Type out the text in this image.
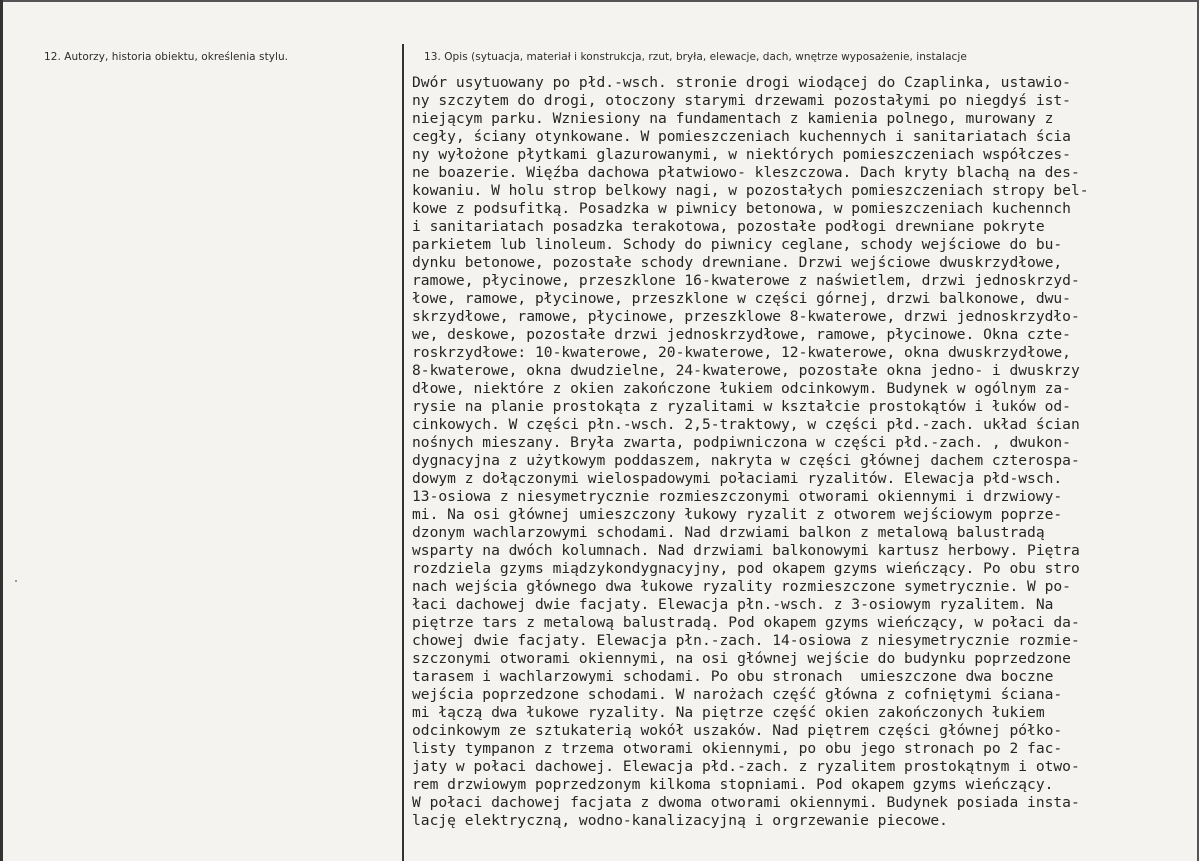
12. Autorzy, historia obiektu, określenia stylu.	13. Opis (sytuacja, materiał i konstrukcja, rzut, bryła, elewacje, dach, wnętrze wyposażenie, instalacje
Dwór usytuowany po płd.-wsch. stronie drogi wiodącej do Czaplinka, ustawio-
ny szczytem do drogi, otoczony starymi drzewami pozostałymi po niegdyś ist-
niejącym parku. Wzniesiony na fundamentach z kamienia polnego, murowany z
cegły, ściany otynkowane. W pomieszczeniach kuchennych i sanitariatach ścia
ny wyłożone płytkami glazurowanymi, w niektórych pomieszczeniach współczes-
ne boazerie. Więźba dachowa płatwiowo- kleszczowa. Dach kryty blachą na des-
kowaniu. W holu strop belkowy nagi, w pozostałych pomieszczeniach stropy bel-
kowe z podsufitką. Posadzka w piwnicy betonowa, w pomieszczeniach kuchennch
i sanitariatach posadzka terakotowa, pozostałe podłogi drewniane pokryte
parkietem lub linoleum. Schody do piwnicy ceglane, schody wejściowe do bu-
dynku betonowe, pozostałe schody drewniane. Drzwi wejściowe dwuskrzydłowe,
ramowe, płycinowe, przeszklone 16-kwaterowe z naświetlem, drzwi jednoskrzyd-
łowe, ramowe, płycinowe, przeszklone w części górnej, drzwi balkonowe, dwu-
skrzydłowe, ramowe, płycinowe, przeszklowe 8-kwaterowe, drzwi jednoskrzydło-
we, deskowe, pozostałe drzwi jednoskrzydłowe, ramowe, płycinowe. Okna czte-
roskrzydłowe: 10-kwaterowe, 20-kwaterowe, 12-kwaterowe, okna dwuskrzydłowe,
8-kwaterowe, okna dwudzielne, 24-kwaterowe, pozostałe okna jedno- i dwuskrzy
dłowe, niektóre z okien zakończone łukiem odcinkowym. Budynek w ogólnym za-
rysie na planie prostokąta z ryzalitami w kształcie prostokątów i łuków od-
cinkowych. W części płn.-wsch. 2,5-traktowy, w części płd.-zach. układ ścian
nośnych mieszany. Bryła zwarta, podpiwniczona w części płd.-zach. , dwukon-
dygnacyjna z użytkowym poddaszem, nakryta w części głównej dachem czterospa-
dowym z dołączonymi wielospadowymi połaciami ryzalitów. Elewacja płd-wsch.
13-osiowa z niesymetrycznie rozmieszczonymi otworami okiennymi i drzwiowy-
mi. Na osi głównej umieszczony łukowy ryzalit z otworem wejściowym poprze-
dzonym wachlarzowymi schodami. Nad drzwiami balkon z metalową balustradą
wsparty na dwóch kolumnach. Nad drzwiami balkonowymi kartusz herbowy. Piętra
rozdziela gzyms miądzykondygnacyjny, pod okapem gzyms wieńczący. Po obu stro
nach wejścia głównego dwa łukowe ryzality rozmieszczone symetrycznie. W po-
łaci dachowej dwie facjaty. Elewacja płn.-wsch. z 3-osiowym ryzalitem. Na
piętrze tars z metalową balustradą. Pod okapem gzyms wieńczący, w połaci da-
chowej dwie facjaty. Elewacja płn.-zach. 14-osiowa z niesymetrycznie rozmie-
szczonymi otworami okiennymi, na osi głównej wejście do budynku poprzedzone
tarasem i wachlarzowymi schodami. Po obu stronach  umieszczone dwa boczne
wejścia poprzedzone schodami. W narożach część główna z cofniętymi ścianа-
mi łączą dwa łukowe ryzality. Na piętrze część okien zakończonych łukiem
odcinkowym ze sztukaterią wokół uszaków. Nad piętrem części głównej półko-
listy tympanon z trzema otworami okiennymi, po obu jego stronach po 2 fac-
jaty w połaci dachowej. Elewacja płd.-zach. z ryzalitem prostokątnym i otwo-
rem drzwiowym poprzedzonym kilkoma stopniami. Pod okapem gzyms wieńczący.
W połaci dachowej facjata z dwoma otworami okiennymi. Budynek posiada insta-
lację elektryczną, wodno-kanalizacyjną i orgrzewanie piecowe.
